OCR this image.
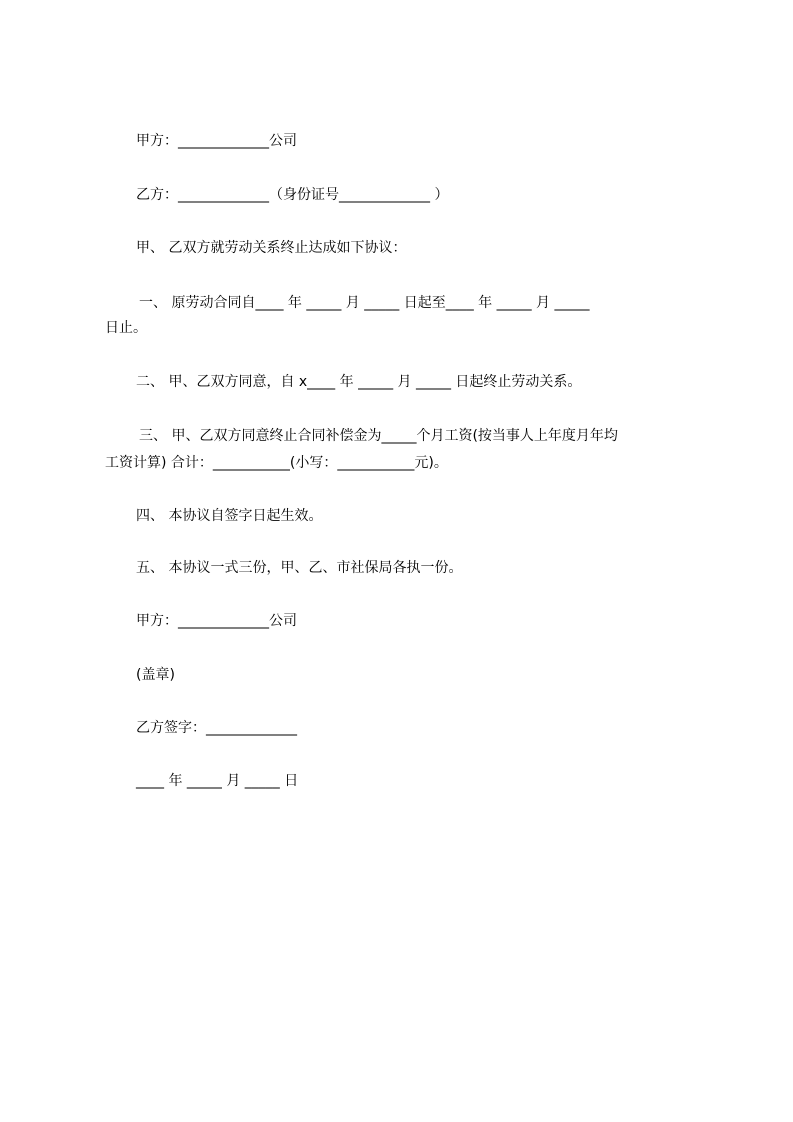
甲方：_____________公司
乙方：_____________（身份证号_____________ ）
甲、 乙双方就劳动关系终止达成如下协议：
一、 原劳动合同自____ 年 _____ 月 _____ 日起至____ 年 _____ 月 _____
日止。
二、 甲、乙双方同意，自 x____ 年 _____ 月 _____ 日起终止劳动关系。
三、 甲、乙双方同意终止合同补偿金为_____个月工资(按当事人上年度月年均
工资计算) 合计：___________(小写：___________元)。
四、 本协议自签字日起生效。
五、 本协议一式三份，甲、乙、市社保局各执一份。
甲方：_____________公司
(盖章)
乙方签字：_____________
____ 年 _____ 月 _____ 日
